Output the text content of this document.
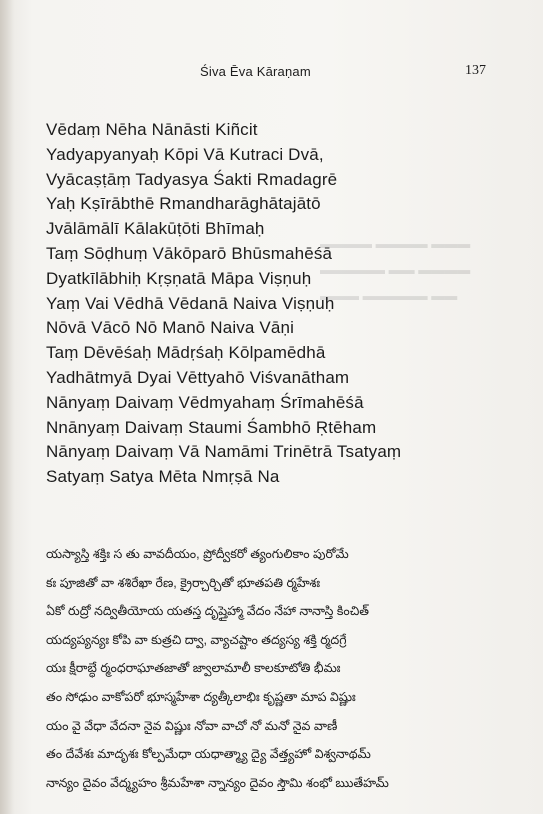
▬▬▬ ▬▬▬▬ ▬▬▬▬
▬▬▬▬ ▬▬ ▬▬▬▬▬
▬▬ ▬▬▬▬▬ ▬▬▬
Śiva Ēva Kāraṇam	137
Vēdaṃ Nēha Nānāsti Kiñcit
Yadyapyanyaḥ Kōpi Vā Kutraci Dvā,
Vyācaṣṭāṃ Tadyasya Śakti Rmadagrē
Yaḥ Kṣīrābthē Rmandharāghātajātō
Jvālāmālī Kālakūṭōti Bhīmaḥ
Taṃ Sōḍhuṃ Vākōparō Bhūsmahēśā
Dyatkīlābhiḥ Kṛṣṇatā Māpa Viṣṇuḥ
Yaṃ Vai Vēdhā Vēdanā Naiva Viṣṇuḥ
Nōvā Vācō Nō Manō Naiva Vāṇi
Taṃ Dēvēśaḥ Mādṛśaḥ Kōlpamēdhā
Yadhātmyā Dyai Vēttyahō Viśvanātham
Nānyaṃ Daivaṃ Vēdmyahaṃ Śrīmahēśā
Nnānyaṃ Daivaṃ Staumi Śambhō Ṛtēham
Nānyaṃ Daivaṃ Vā Namāmi Trinētrā Tsatyaṃ
Satyaṃ Satya Mēta Nmṛṣā Na
యస్యాస్తి శక్తిః స తు వావదీయం, ప్రోద్వీకరో త్యంగులికాం పురోమే
కః పూజితో వా శశిరేఖా రేణ, క్రైర్చార్చితో భూతపతి ర్మహేశః
ఏకో రుద్రో నద్వితీయోయ యతస్త దృప్తైహ్మా వేదం నేహా నానాస్తి కించిత్
యద్యప్యన్యః కోపి వా కుత్రచి ద్వా, వ్యాచష్టాం తద్యస్య శక్తి ర్మదగ్రే
యః క్షీరాబ్ధే ర్మంధరాఘాతజాతో జ్వాలామాలీ కాలకూటోతి భీమః
తం సోఢుం వాకోపరో భూస్మహేశా ద్యత్కీలాభిః కృష్ణతా మాప విష్ణుః
యం వై వేధా వేదనా నైవ విష్ణుః నోవా వాచో నో మనో నైవ వాణీ
తం దేవేశః మాదృశః కోల్పమేధా యధాత్మ్యా ద్యై వేత్త్యహో విశ్వనాథమ్
నాన్యం దైవం వేద్మ్యహం శ్రీమహేశా న్నాన్యం దైవం స్తౌమి శంభో ఋతేహమ్
